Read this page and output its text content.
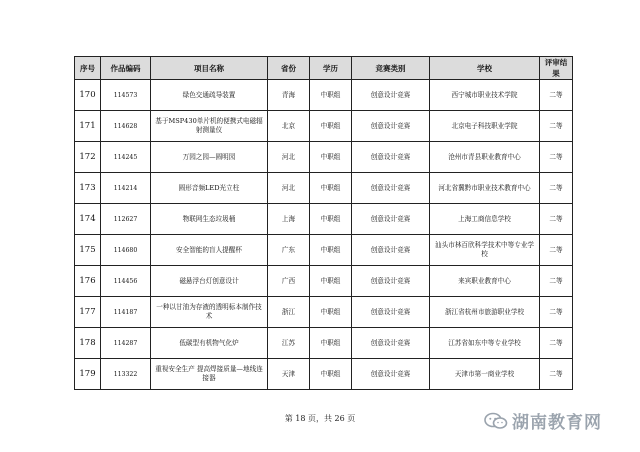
序号	作品编码	项目名称	省份	学历	竞赛类别	学校	评审结果
170	114573	绿色交通疏导装置	青海	中职组	创意设计竞赛	西宁城市职业技术学院	二等
171	114628	基于MSP430单片机的便携式电磁辐射测量仪	北京	中职组	创意设计竞赛	北京电子科技职业学院	二等
172	114245	万园之园—圆明园	河北	中职组	创意设计竞赛	沧州市青县职业教育中心	二等
173	114214	圆形音频LED光立柱	河北	中职组	创意设计竞赛	河北省冀黔市职业技术教育中心	二等
174	112627	物联网生态垃圾桶	上海	中职组	创意设计竞赛	上海工商信息学校	二等
175	114680	安全智能的盲人提醒杯	广东	中职组	创意设计竞赛	汕头市林百欣科学技术中等专业学校	二等
176	114456	磁悬浮台灯创意设计	广西	中职组	创意设计竞赛	来宾职业教育中心	二等
177	114187	一种以甘油为存液的透明标本制作技术	浙江	中职组	创意设计竞赛	浙江省杭州市旅游职业学校	二等
178	114287	低碳型有机物气化炉	江苏	中职组	创意设计竞赛	江苏省如东中等专业学校	二等
179	113322	重视安全生产 提高焊接质量—地线连接器	天津	中职组	创意设计竞赛	天津市第一商业学校	二等
第 18 页，共 26 页	湖南教育网
